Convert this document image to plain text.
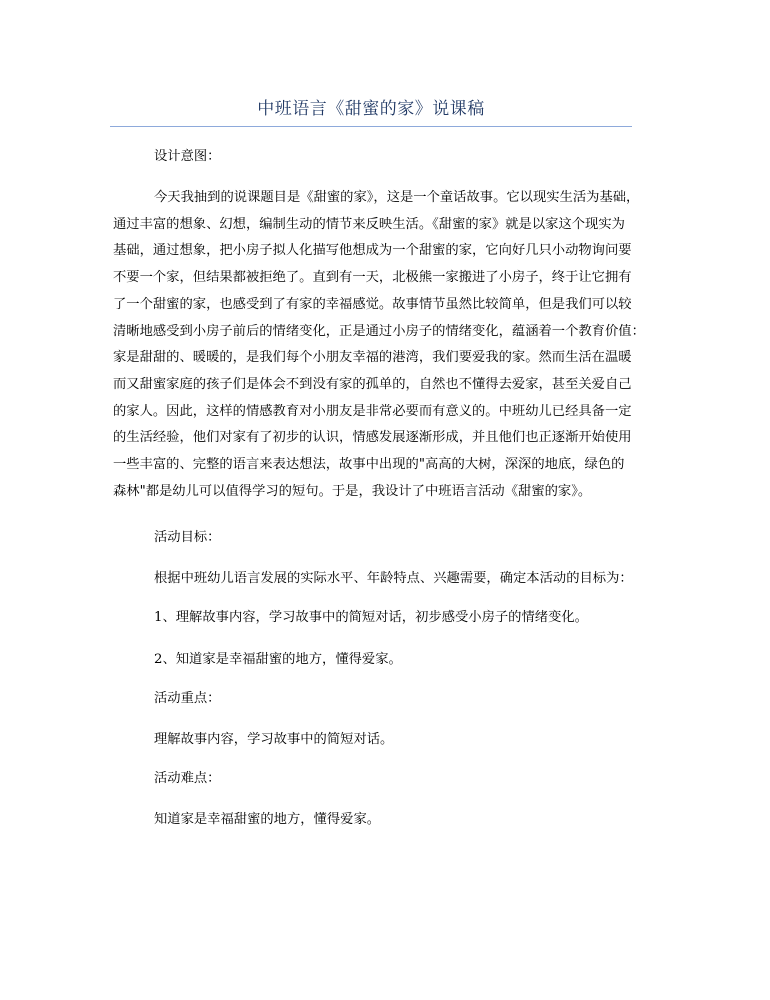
中班语言《甜蜜的家》说课稿
设计意图：
今天我抽到的说课题目是《甜蜜的家》，这是一个童话故事。它以现实生活为基础，
通过丰富的想象、幻想，编制生动的情节来反映生活。《甜蜜的家》就是以家这个现实为
基础，通过想象，把小房子拟人化描写他想成为一个甜蜜的家，它向好几只小动物询问要
不要一个家，但结果都被拒绝了。直到有一天，北极熊一家搬进了小房子，终于让它拥有
了一个甜蜜的家，也感受到了有家的幸福感觉。故事情节虽然比较简单，但是我们可以较
清晰地感受到小房子前后的情绪变化，正是通过小房子的情绪变化，蕴涵着一个教育价值：
家是甜甜的、暖暖的，是我们每个小朋友幸福的港湾，我们要爱我的家。然而生活在温暖
而又甜蜜家庭的孩子们是体会不到没有家的孤单的，自然也不懂得去爱家，甚至关爱自己
的家人。因此，这样的情感教育对小朋友是非常必要而有意义的。中班幼儿已经具备一定
的生活经验，他们对家有了初步的认识，情感发展逐渐形成，并且他们也正逐渐开始使用
一些丰富的、完整的语言来表达想法，故事中出现的"高高的大树，深深的地底，绿色的
森林"都是幼儿可以值得学习的短句。于是，我设计了中班语言活动《甜蜜的家》。
活动目标：
根据中班幼儿语言发展的实际水平、年龄特点、兴趣需要，确定本活动的目标为：
1、理解故事内容，学习故事中的简短对话，初步感受小房子的情绪变化。
2、知道家是幸福甜蜜的地方，懂得爱家。
活动重点：
理解故事内容，学习故事中的简短对话。
活动难点：
知道家是幸福甜蜜的地方，懂得爱家。
